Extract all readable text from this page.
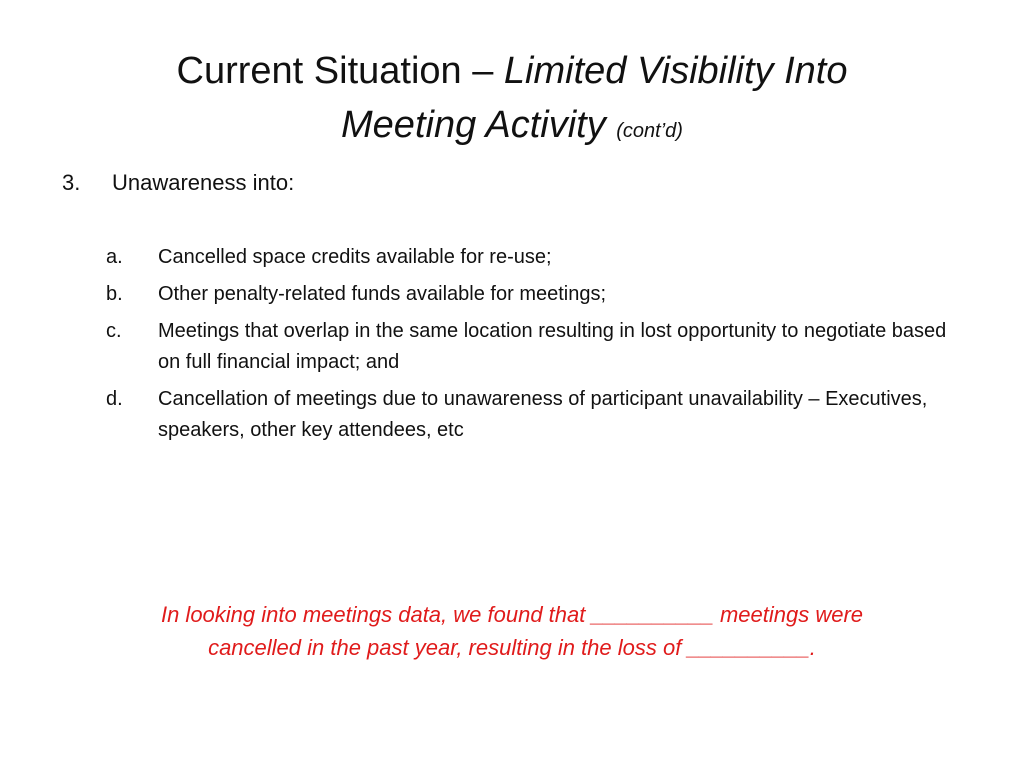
Current Situation – Limited Visibility Into
Meeting Activity (cont’d)
3.	Unawareness into:
a.	Cancelled space credits available for re-use;
b.	Other penalty-related funds available for meetings;
c.	Meetings that overlap in the same location resulting in lost opportunity to negotiate based on full financial impact; and
d.	Cancellation of meetings due to unawareness of participant unavailability – Executives, speakers, other key attendees, etc
In looking into meetings data, we found that __________ meetings were
cancelled in the past year, resulting in the loss of __________.
